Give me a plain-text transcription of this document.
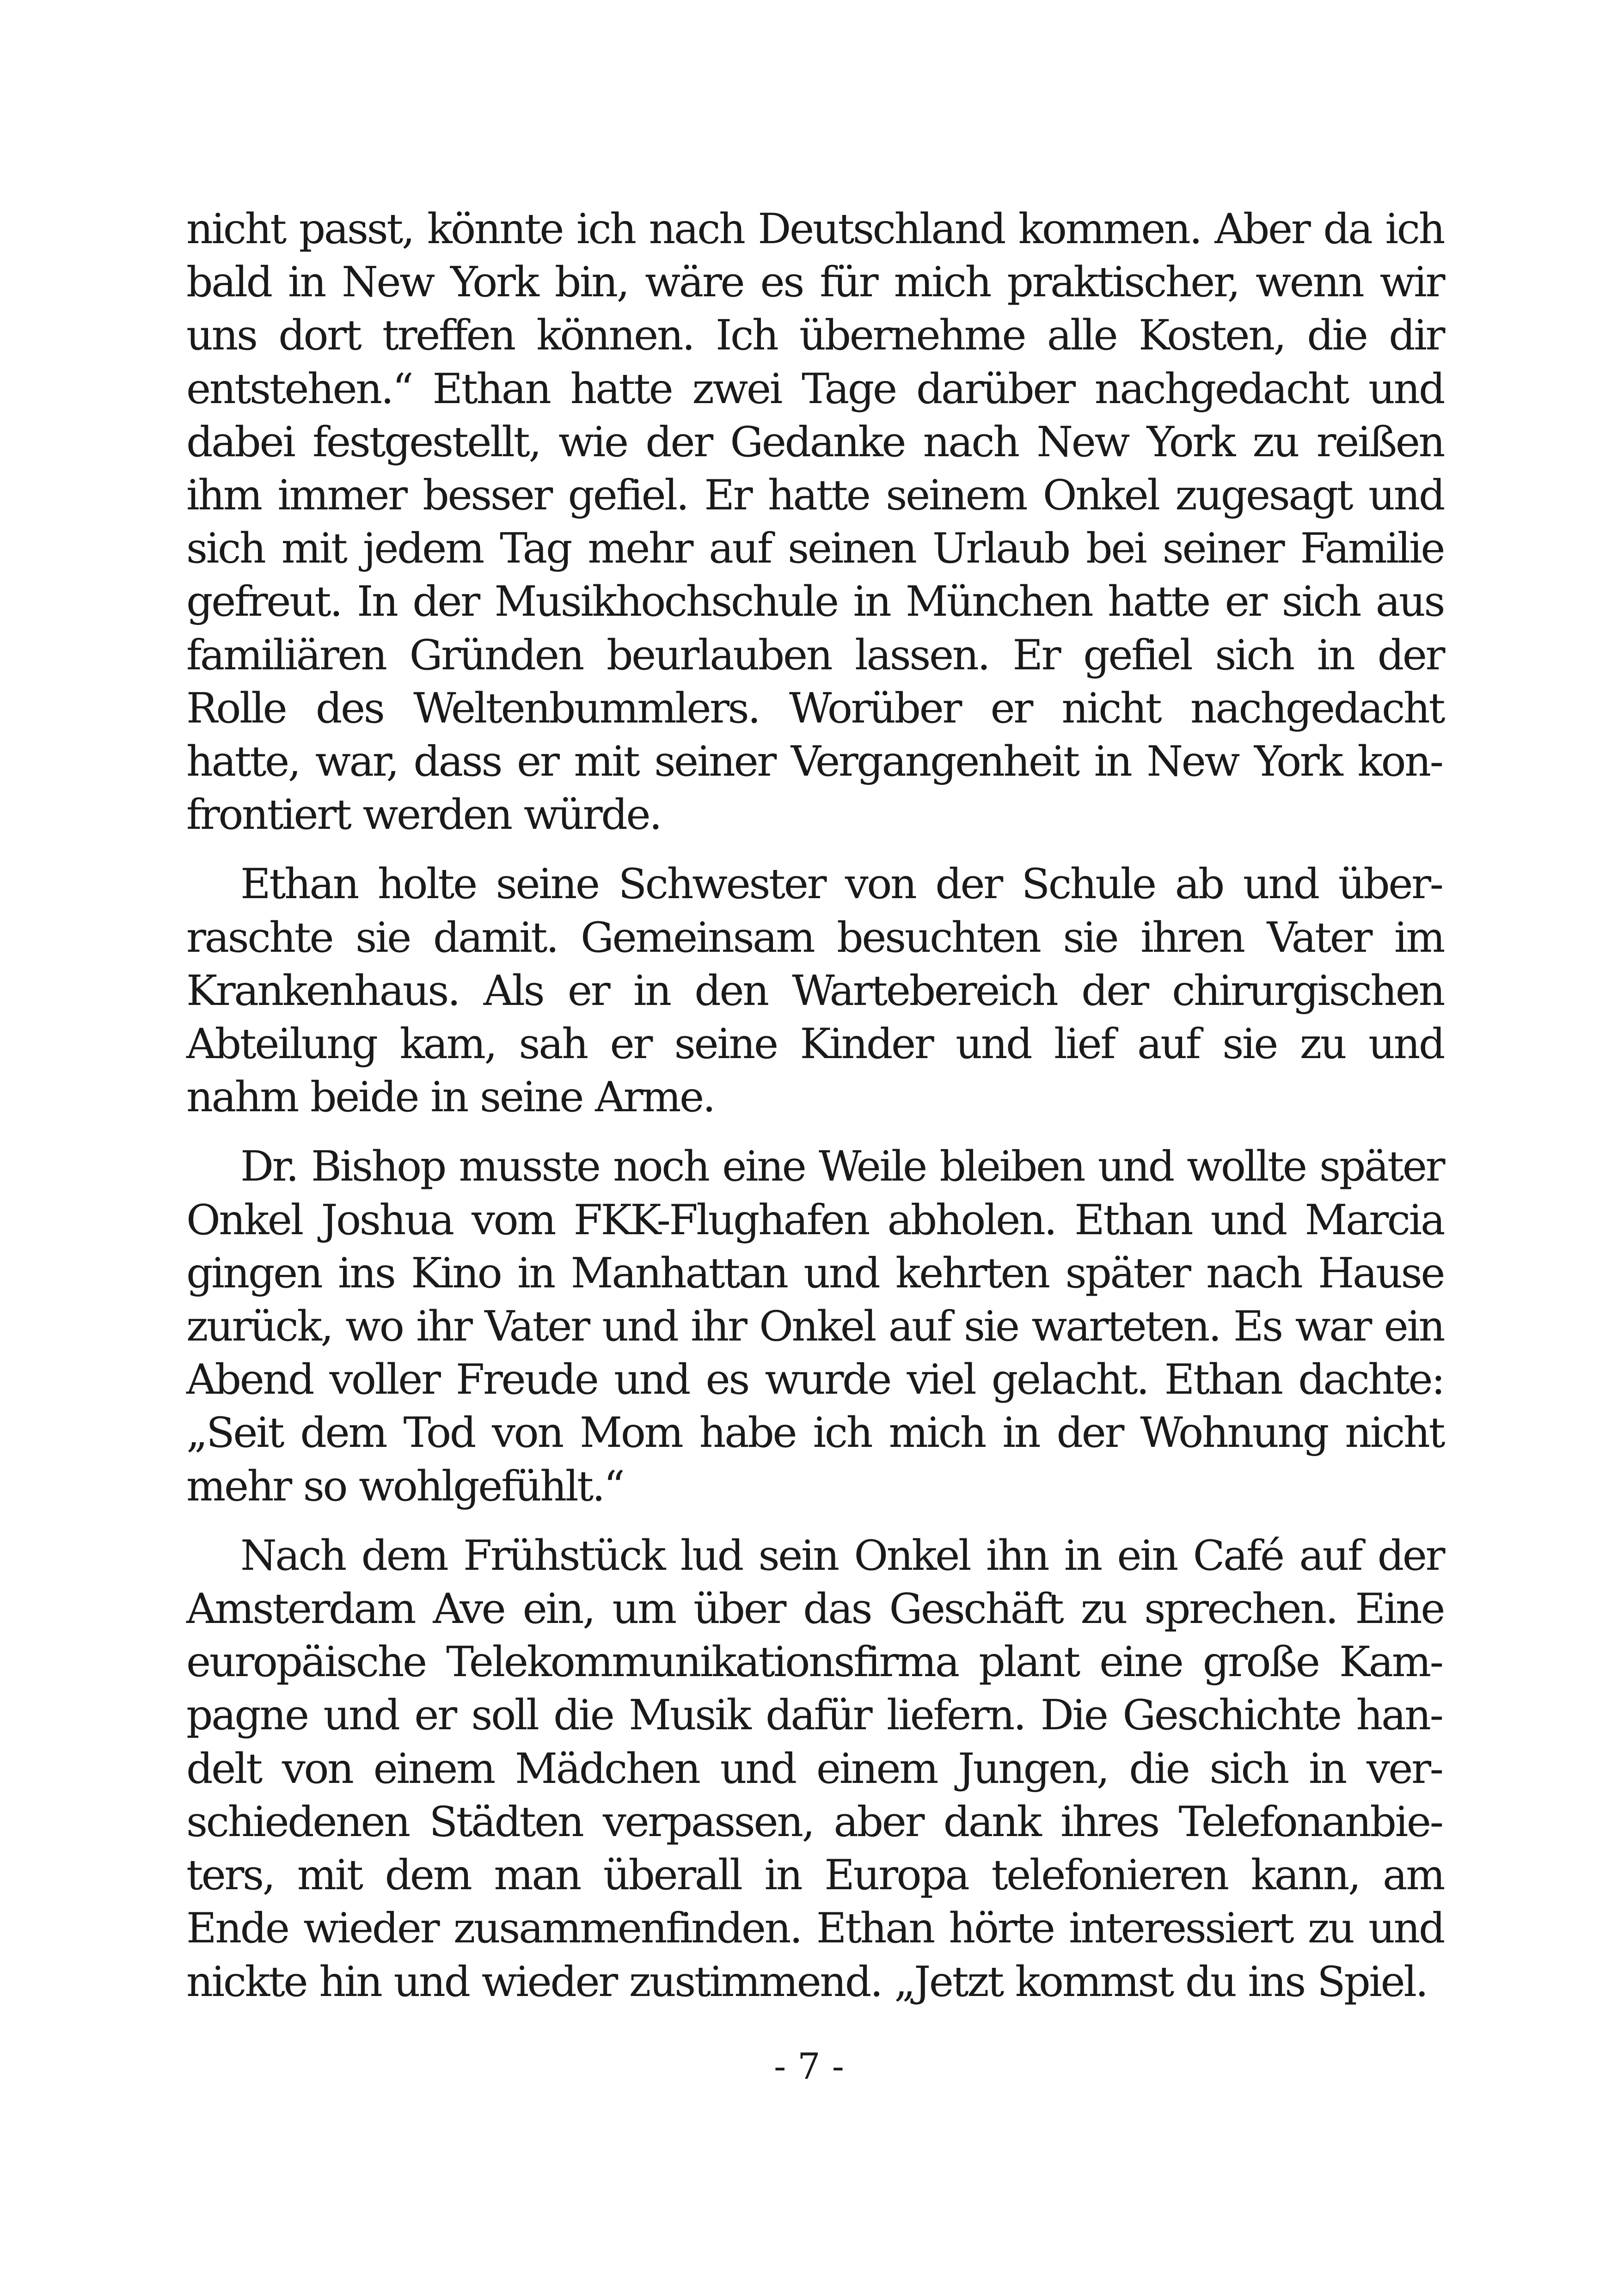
nicht passt, könnte ich nach Deutschland kommen. Aber da ich bald in New York bin, wäre es für mich praktischer, wenn wir uns dort treffen können. Ich übernehme alle Kosten, die dir entstehen.“ Ethan hatte zwei Tage darüber nachgedacht und dabei festgestellt, wie der Gedanke nach New York zu reißen ihm immer besser gefiel. Er hatte seinem Onkel zugesagt und sich mit jedem Tag mehr auf seinen Urlaub bei seiner Familie gefreut. In der Musikhochschule in München hatte er sich aus familiären Gründen beurlauben lassen. Er gefiel sich in der Rolle des Weltenbummlers. Worüber er nicht nachgedacht hatte, war, dass er mit seiner Vergangenheit in New York konfrontiert werden würde.

Ethan holte seine Schwester von der Schule ab und überraschte sie damit. Gemeinsam besuchten sie ihren Vater im Krankenhaus. Als er in den Wartebereich der chirurgischen Abteilung kam, sah er seine Kinder und lief auf sie zu und nahm beide in seine Arme.

Dr. Bishop musste noch eine Weile bleiben und wollte später Onkel Joshua vom FKK-Flughafen abholen. Ethan und Marcia gingen ins Kino in Manhattan und kehrten später nach Hause zurück, wo ihr Vater und ihr Onkel auf sie warteten. Es war ein Abend voller Freude und es wurde viel gelacht. Ethan dachte: „Seit dem Tod von Mom habe ich mich in der Wohnung nicht mehr so wohlgefühlt.“

Nach dem Frühstück lud sein Onkel ihn in ein Café auf der Amsterdam Ave ein, um über das Geschäft zu sprechen. Eine europäische Telekommunikationsfirma plant eine große Kampagne und er soll die Musik dafür liefern. Die Geschichte handelt von einem Mädchen und einem Jungen, die sich in verschiedenen Städten verpassen, aber dank ihres Telefonanbieters, mit dem man überall in Europa telefonieren kann, am Ende wieder zusammenfinden. Ethan hörte interessiert zu und nickte hin und wieder zustimmend. „Jetzt kommst du ins Spiel.

- 7 -
